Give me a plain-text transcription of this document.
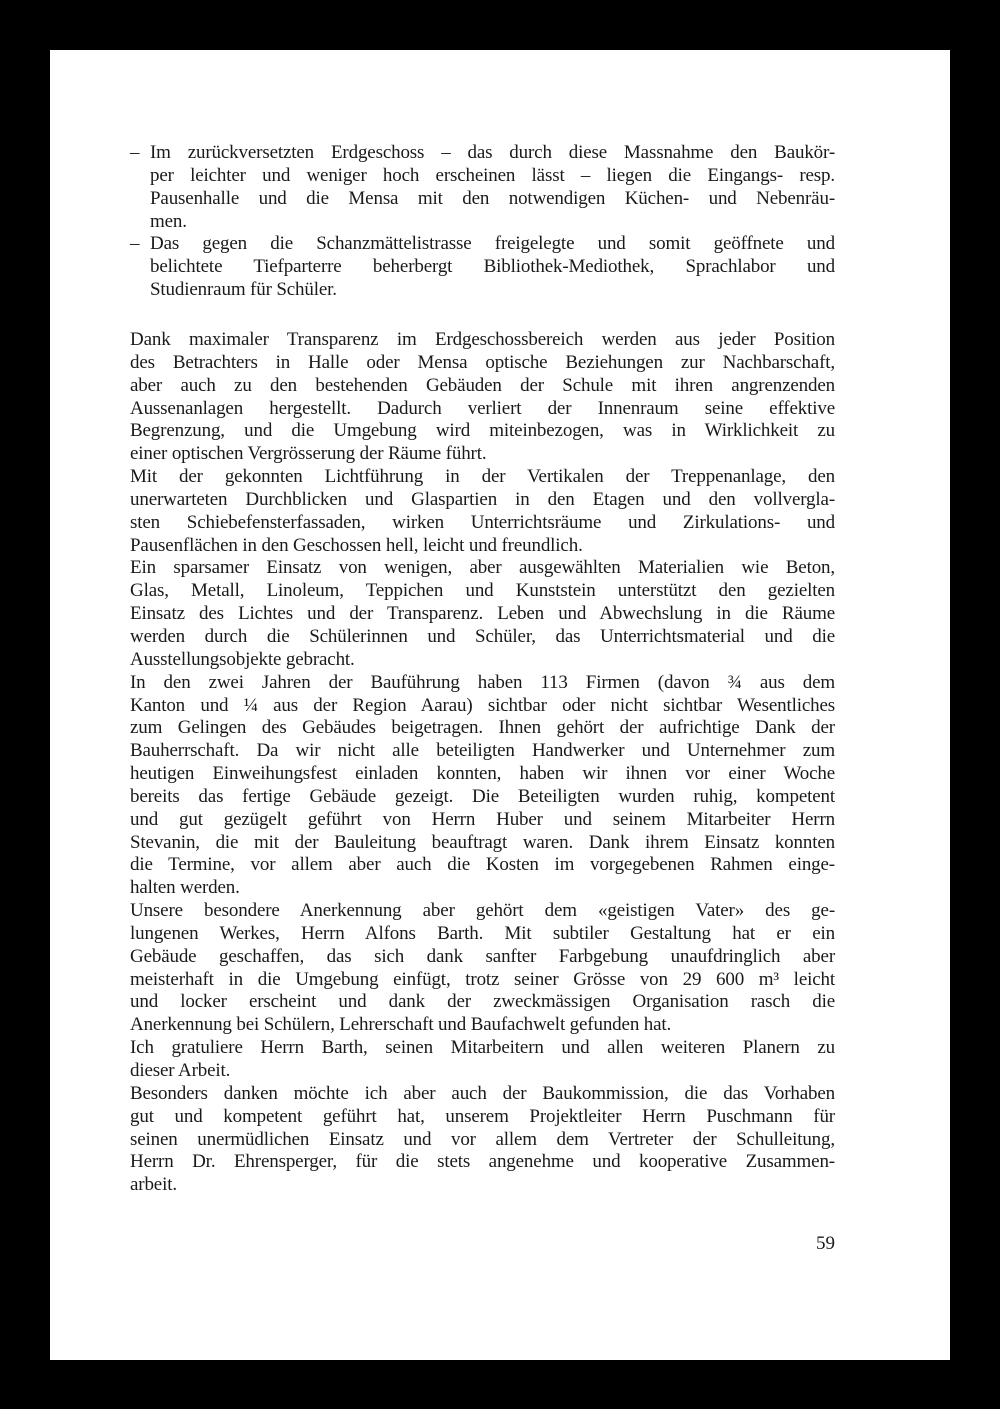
– Im zurückversetzten Erdgeschoss – das durch diese Massnahme den Baukör-
per leichter und weniger hoch erscheinen lässt – liegen die Eingangs- resp.
Pausenhalle und die Mensa mit den notwendigen Küchen- und Nebenräu-
men.
– Das gegen die Schanzmättelistrasse freigelegte und somit geöffnete und
belichtete Tiefparterre beherbergt Bibliothek-Mediothek, Sprachlabor und
Studienraum für Schüler.
Dank maximaler Transparenz im Erdgeschossbereich werden aus jeder Position
des Betrachters in Halle oder Mensa optische Beziehungen zur Nachbarschaft,
aber auch zu den bestehenden Gebäuden der Schule mit ihren angrenzenden
Aussenanlagen hergestellt. Dadurch verliert der Innenraum seine effektive
Begrenzung, und die Umgebung wird miteinbezogen, was in Wirklichkeit zu
einer optischen Vergrösserung der Räume führt.
Mit der gekonnten Lichtführung in der Vertikalen der Treppenanlage, den
unerwarteten Durchblicken und Glaspartien in den Etagen und den vollvergla-
sten Schiebefensterfassaden, wirken Unterrichtsräume und Zirkulations- und
Pausenflächen in den Geschossen hell, leicht und freundlich.
Ein sparsamer Einsatz von wenigen, aber ausgewählten Materialien wie Beton,
Glas, Metall, Linoleum, Teppichen und Kunststein unterstützt den gezielten
Einsatz des Lichtes und der Transparenz. Leben und Abwechslung in die Räume
werden durch die Schülerinnen und Schüler, das Unterrichtsmaterial und die
Ausstellungsobjekte gebracht.
In den zwei Jahren der Bauführung haben 113 Firmen (davon ¾ aus dem
Kanton und ¼ aus der Region Aarau) sichtbar oder nicht sichtbar Wesentliches
zum Gelingen des Gebäudes beigetragen. Ihnen gehört der aufrichtige Dank der
Bauherrschaft. Da wir nicht alle beteiligten Handwerker und Unternehmer zum
heutigen Einweihungsfest einladen konnten, haben wir ihnen vor einer Woche
bereits das fertige Gebäude gezeigt. Die Beteiligten wurden ruhig, kompetent
und gut gezügelt geführt von Herrn Huber und seinem Mitarbeiter Herrn
Stevanin, die mit der Bauleitung beauftragt waren. Dank ihrem Einsatz konnten
die Termine, vor allem aber auch die Kosten im vorgegebenen Rahmen einge-
halten werden.
Unsere besondere Anerkennung aber gehört dem «geistigen Vater» des ge-
lungenen Werkes, Herrn Alfons Barth. Mit subtiler Gestaltung hat er ein
Gebäude geschaffen, das sich dank sanfter Farbgebung unaufdringlich aber
meisterhaft in die Umgebung einfügt, trotz seiner Grösse von 29 600 m³ leicht
und locker erscheint und dank der zweckmässigen Organisation rasch die
Anerkennung bei Schülern, Lehrerschaft und Baufachwelt gefunden hat.
Ich gratuliere Herrn Barth, seinen Mitarbeitern und allen weiteren Planern zu
dieser Arbeit.
Besonders danken möchte ich aber auch der Baukommission, die das Vorhaben
gut und kompetent geführt hat, unserem Projektleiter Herrn Puschmann für
seinen unermüdlichen Einsatz und vor allem dem Vertreter der Schulleitung,
Herrn Dr. Ehrensperger, für die stets angenehme und kooperative Zusammen-
arbeit.
59
